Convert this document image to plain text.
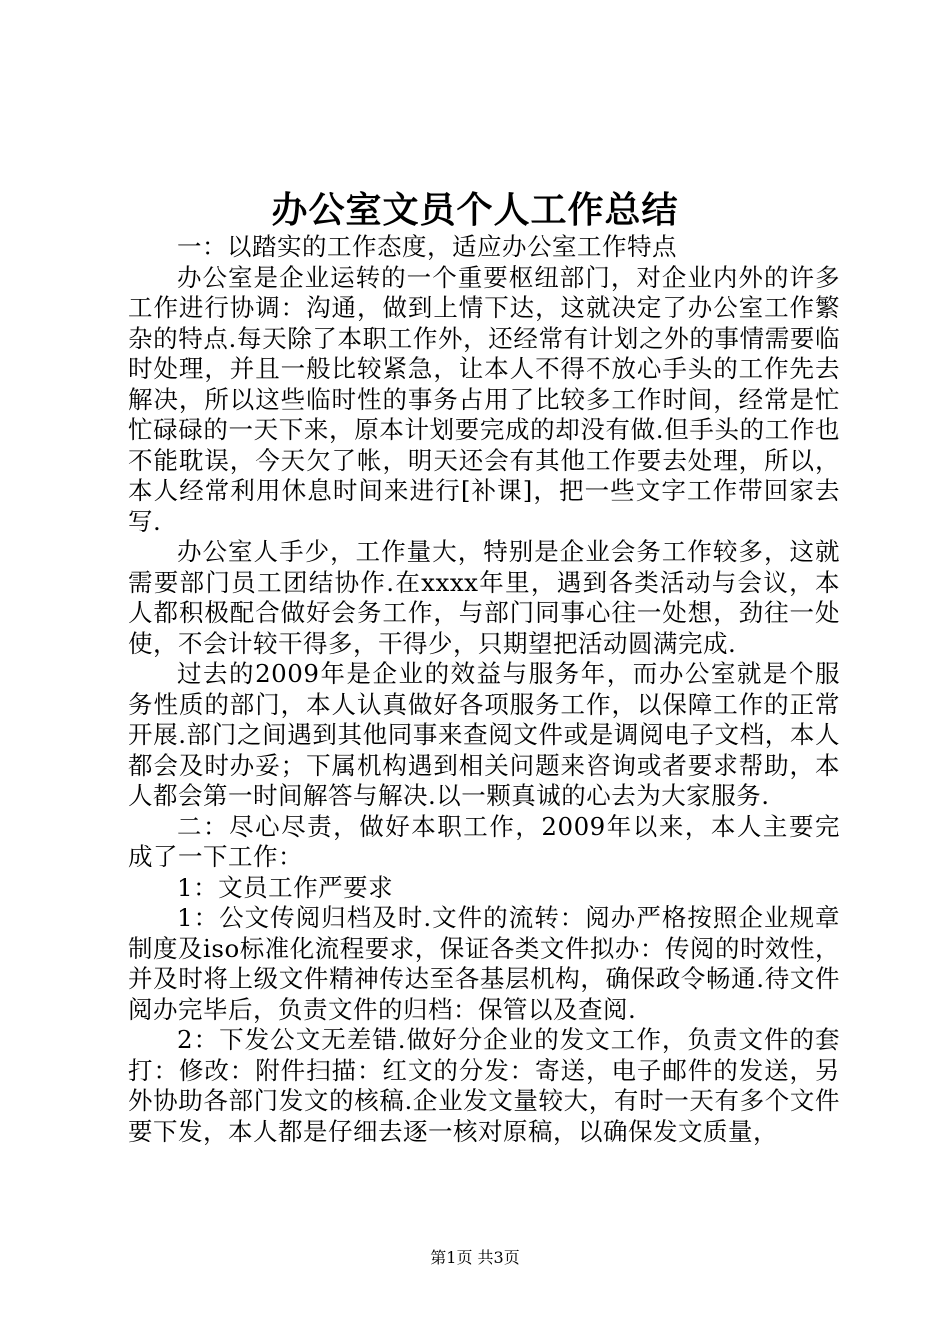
办公室文员个人工作总结

一：以踏实的工作态度，适应办公室工作特点

办公室是企业运转的一个重要枢纽部门，对企业内外的许多工作进行协调：沟通，做到上情下达，这就决定了办公室工作繁杂的特点.每天除了本职工作外，还经常有计划之外的事情需要临时处理，并且一般比较紧急，让本人不得不放心手头的工作先去解决，所以这些临时性的事务占用了比较多工作时间，经常是忙忙碌碌的一天下来，原本计划要完成的却没有做.但手头的工作也不能耽误，今天欠了帐，明天还会有其他工作要去处理，所以，本人经常利用休息时间来进行[补课]，把一些文字工作带回家去写.

办公室人手少，工作量大，特别是企业会务工作较多，这就需要部门员工团结协作.在xxxx年里，遇到各类活动与会议，本人都积极配合做好会务工作，与部门同事心往一处想，劲往一处使，不会计较干得多，干得少，只期望把活动圆满完成.

过去的2009年是企业的效益与服务年，而办公室就是个服务性质的部门，本人认真做好各项服务工作，以保障工作的正常开展.部门之间遇到其他同事来查阅文件或是调阅电子文档，本人都会及时办妥；下属机构遇到相关问题来咨询或者要求帮助，本人都会第一时间解答与解决.以一颗真诚的心去为大家服务.

二：尽心尽责，做好本职工作，2009年以来，本人主要完成了一下工作：

1：文员工作严要求

1：公文传阅归档及时.文件的流转：阅办严格按照企业规章制度及iso标准化流程要求，保证各类文件拟办：传阅的时效性，并及时将上级文件精神传达至各基层机构，确保政令畅通.待文件阅办完毕后，负责文件的归档：保管以及查阅.

2：下发公文无差错.做好分企业的发文工作，负责文件的套打：修改：附件扫描：红文的分发：寄送，电子邮件的发送，另外协助各部门发文的核稿.企业发文量较大，有时一天有多个文件要下发，本人都是仔细去逐一核对原稿，以确保发文质量，

第1页 共3页
